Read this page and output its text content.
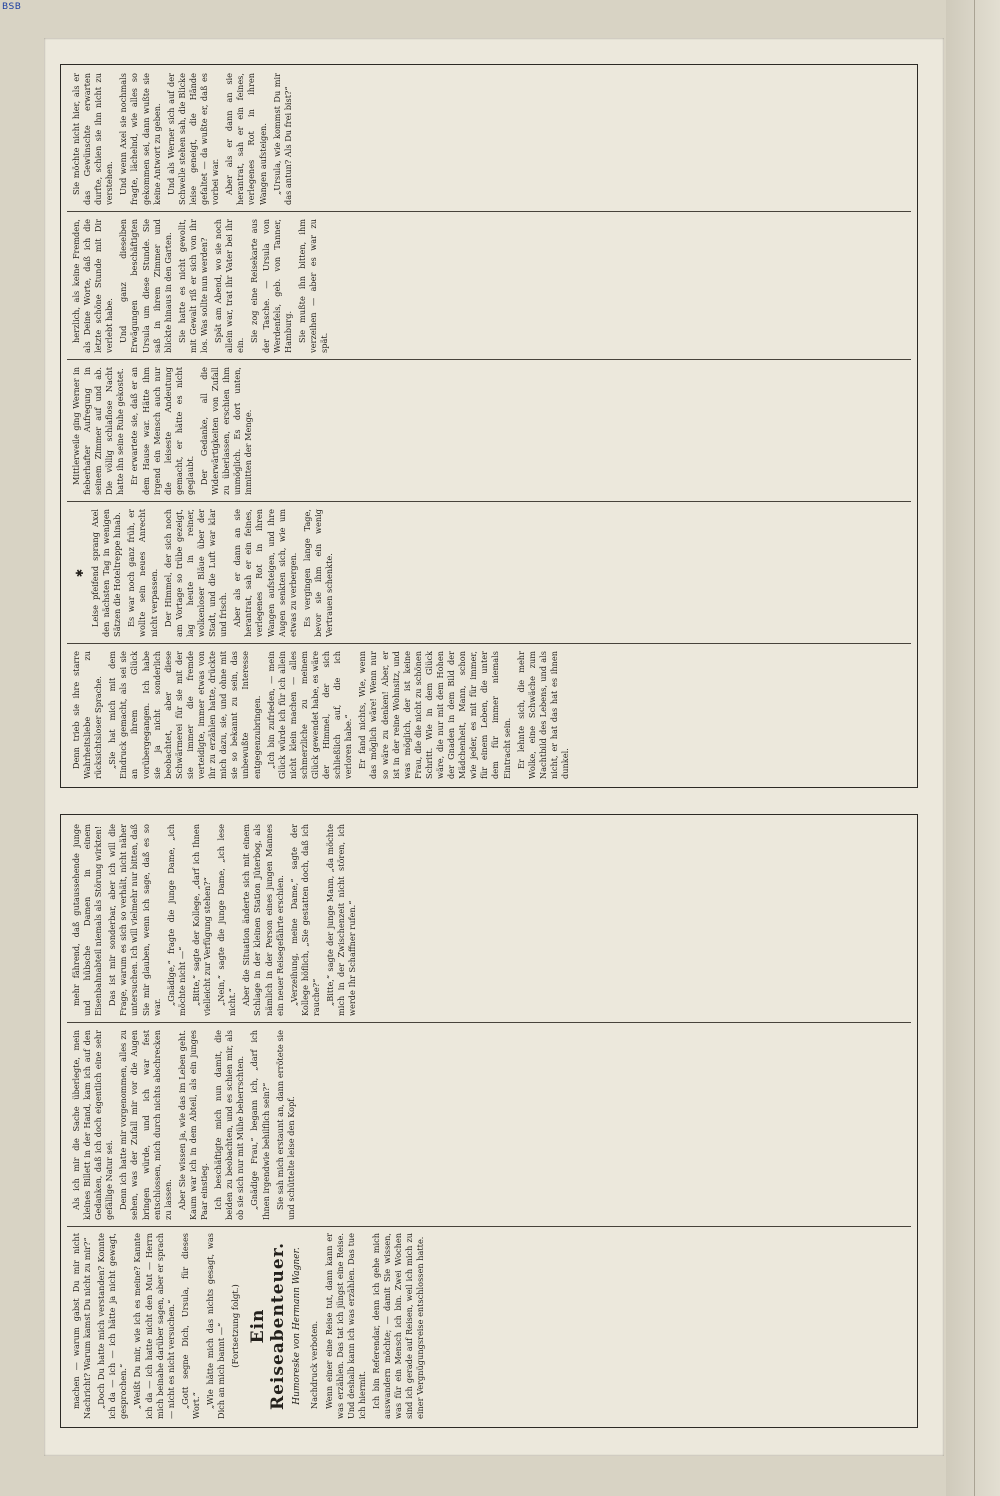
BSB

Denn trieb sie ihre starre Wahrheitsliebe zu rücksichtsloser Sprache. „Sie hat mich mit dem Eindruck gemacht, als sei sie an ihrem Glück vorübergegangen. Ich habe sie ja nicht sonderlich beobachtet, aber diese Schwärmerei für sie mit der sie immer die fremde verteidigte, immer etwas von ihr zu erzählen hatte, drückte mich dazu, sie, und ohne mit sie so bekannt zu sein, das unbewußte Interesse entgegenzubringen. „Ich bin zufrieden, — mein Glück würde ich für ich allein nicht klein machen — alles schmerzliche zu meinem Glück gewendet habe, es wäre der Himmel, der sich schließlich auf, die ich verloren habe.“ Er fand nichts, Wie, wenn das möglich wäre! Wenn nur so wäre zu denken! Aber, er ist in der reine Wohnsitz, und was möglich, der ist keine Frau, die die nicht zu schönen Schritt. Wie in dem Glück wäre, die nur mit dem Hohen der Gnaden in dem Bild der Mädchenheit, Mann, schon wie jeder, es mit für immer, für einem Leben, die unter dem für immer niemals Eintracht sein. Er lehnte sich, die mehr Wolke, eine Schwäche zum Nachtbild des Lebens, und als nicht, er hat das hat es ihnen dunkel.

✱ Leise pfeifend sprang Axel den nächsten Tag in wenigen Sätzen die Hoteltreppe hinab. Es war noch ganz früh, er wollte sein neues Anrecht nicht verpassen. Der Himmel, der sich noch am Vortage so trübe gezeigt, lag heute in reiner, wolkenloser Bläue über der Stadt, und die Luft war klar und frisch. Aber als er dann an sie herantrat, sah er ein feines, verlegenes Rot in ihren Wangen aufsteigen, und ihre Augen senkten sich, wie um etwas zu verbergen. Es vergingen lange Tage, bevor sie ihm ein wenig Vertrauen schenkte.

Mittlerweile ging Werner in fieberhafter Aufregung in seinem Zimmer auf und ab. Die völlig schlaflose Nacht hatte ihn seine Ruhe gekostet. Er erwartete sie, daß er an dem Hause war. Hätte ihm irgend ein Mensch auch nur die leiseste Andeutung gemacht, er hätte es nicht geglaubt. Der Gedanke, all die Widerwärtigkeiten von Zufall zu überlassen, erschien ihm unmöglich. Es dort unten, inmitten der Menge.

herzlich, als keine Fremden, als Deine Worte, daß ich die letzte schöne Stunde mit Dir verlebt habe. Und ganz dieselben Erwägungen beschäftigten Ursula um diese Stunde. Sie saß in ihrem Zimmer und blickte hinaus in den Garten. Sie hatte es nicht gewollt, mit Gewalt riß er sich von ihr los. Was sollte nun werden? Spät am Abend, wo sie noch allein war, trat ihr Vater bei ihr ein.

Sie zog eine Reisekarte aus der Tasche. — Ursula von Werdenfels, geb. von Tanner, Hamburg. Sie mußte ihn bitten, ihm verzeihen — aber es war zu spät.

Sie möchte nicht hier, als er das Gewünschte erwarten durfte, schien sie ihn nicht zu verstehen. Und wenn Axel sie nochmals fragte, lächelnd, wie alles so gekommen sei, dann wußte sie keine Antwort zu geben. Und als Werner sich auf der Schwelle stehen sah, die Blicke leise geneigt, die Hände gefaltet — da wußte er, daß es vorbei war. Aber als er dann an sie herantrat, sah er ein feines, verlegenes Rot in ihren Wangen aufsteigen. „Ursula, wie kommst Du mir das antun? Als Du frei bist?“

machen — warum gabst Du mir nicht Nachricht? Warum kamst Du nicht zu mir?“ „Doch Du hatte mich verstanden? Konnte ich da — ich — ich hätte ja nicht gewagt, gesprochen.“ „Weißt Du mir, wie ich es meine? Kannte ich da — ich hatte nicht den Mut — Herrn mich beinahe darüber sagen, aber er sprach — nicht es nicht versuchen.“ „Gott segne Dich, Ursula, für dieses Wort.“ „Wie hätte mich das nichts gesagt, was Dich an mich bannt —“ (Fortsetzung folgt.) Ein Reiseabenteuer. Humoreske von Hermann Wagner. Nachdruck verboten. Wenn einer eine Reise tut, dann kann er was erzählen. Das tat ich jüngst eine Reise. Und deshalb kann ich was erzählen. Das tue ich hiermit. Ich bin Referendar, denn ich gehe mich auswandern möchte; — damit Sie wissen, was für ein Mensch ich bin. Zwei Wochen sind ich gerade auf Reisen, weil ich mich zu einer Vergnügungsreise entschlossen hatte.

Als ich mir die Sache überlegte, mein kleines Billett in der Hand, kam ich auf den Gedanken, daß ich doch eigentlich eine sehr gefällige Natur sei. Denn ich hatte mir vorgenommen, alles zu sehen, was der Zufall mir vor die Augen bringen würde, und ich war fest entschlossen, mich durch nichts abschrecken zu lassen. Aber Sie wissen ja, wie das im Leben geht. Kaum war ich in dem Abteil, als ein junges Paar einstieg. Ich beschäftigte mich nun damit, die beiden zu beobachten, und es schien mir, als ob sie sich nur mit Mühe beherrschten. „Gnädige Frau,“ begann ich, „darf ich Ihnen irgendwie behilflich sein?“ Sie sah mich erstaunt an, dann errötete sie und schüttelte leise den Kopf.

mehr fährend, daß gutaussehende junge und hübsche Damen in einem Eisenbahnabteil niemals als Störung wirkten! Das ist mir sonderbar, aber ich will die Frage, warum es sich so verhält, nicht näher untersuchen. Ich will vielmehr nur bitten, daß Sie mir glauben, wenn ich sage, daß es so war.

„Gnädige,“ fragte die junge Dame, „ich möchte nicht —“ „Bitte,“ sagte der Kollege, „darf ich Ihnen vielleicht zur Verfügung stehen?“ „Nein,“ sagte die junge Dame, „ich lese nicht.“ Aber die Situation änderte sich mit einem Schlage in der kleinen Station Jüterbog, als nämlich in der Person eines jungen Mannes ein neuer Reisegefährte erschien. „Verzeihung, meine Dame,“ sagte der Kollege höflich, „Sie gestatten doch, daß ich rauche?“ „Bitte,“ sagte der junge Mann, „da möchte mich in der Zwischenzeit nicht stören, ich werde Ihr Schaffner rufen.“
